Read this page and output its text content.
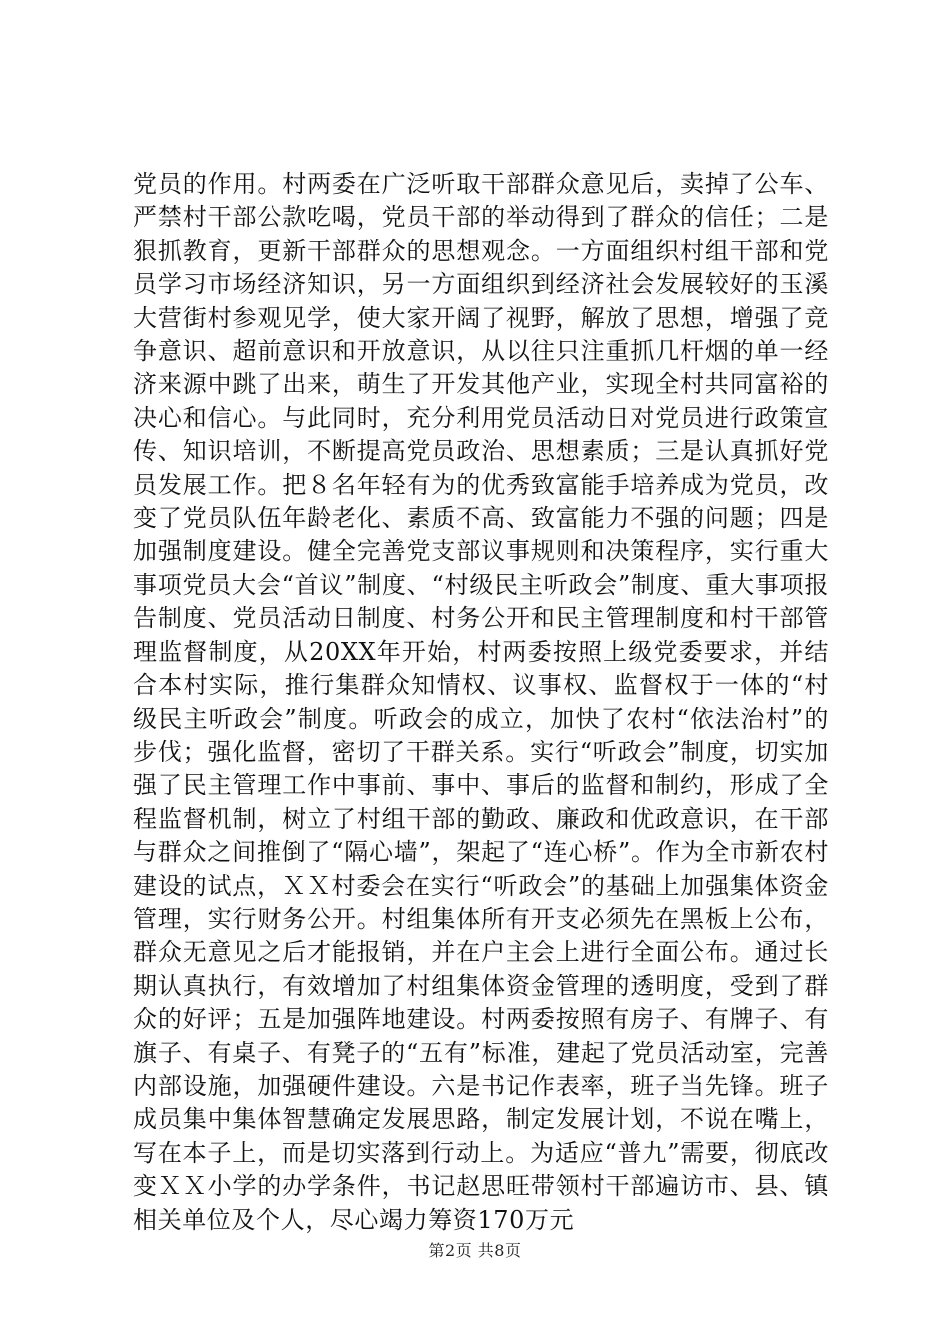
党员的作用。村两委在广泛听取干部群众意见后，卖掉了公车、严禁村干部公款吃喝，党员干部的举动得到了群众的信任；二是狠抓教育，更新干部群众的思想观念。一方面组织村组干部和党员学习市场经济知识，另一方面组织到经济社会发展较好的玉溪大营街村参观见学，使大家开阔了视野，解放了思想，增强了竞争意识、超前意识和开放意识，从以往只注重抓几杆烟的单一经济来源中跳了出来，萌生了开发其他产业，实现全村共同富裕的决心和信心。与此同时，充分利用党员活动日对党员进行政策宣传、知识培训，不断提高党员政治、思想素质；三是认真抓好党员发展工作。把８名年轻有为的优秀致富能手培养成为党员，改变了党员队伍年龄老化、素质不高、致富能力不强的问题；四是加强制度建设。健全完善党支部议事规则和决策程序，实行重大事项党员大会“首议”制度、“村级民主听政会”制度、重大事项报告制度、党员活动日制度、村务公开和民主管理制度和村干部管理监督制度，从20XX年开始，村两委按照上级党委要求，并结合本村实际，推行集群众知情权、议事权、监督权于一体的“村级民主听政会”制度。听政会的成立，加快了农村“依法治村”的步伐；强化监督，密切了干群关系。实行“听政会”制度，切实加强了民主管理工作中事前、事中、事后的监督和制约，形成了全程监督机制，树立了村组干部的勤政、廉政和优政意识，在干部与群众之间推倒了“隔心墙”，架起了“连心桥”。作为全市新农村建设的试点，ＸＸ村委会在实行“听政会”的基础上加强集体资金管理，实行财务公开。村组集体所有开支必须先在黑板上公布，群众无意见之后才能报销，并在户主会上进行全面公布。通过长期认真执行，有效增加了村组集体资金管理的透明度，受到了群众的好评；五是加强阵地建设。村两委按照有房子、有牌子、有旗子、有桌子、有凳子的“五有”标准，建起了党员活动室，完善内部设施，加强硬件建设。六是书记作表率，班子当先锋。班子成员集中集体智慧确定发展思路，制定发展计划，不说在嘴上，写在本子上，而是切实落到行动上。为适应“普九”需要，彻底改变ＸＸ小学的办学条件，书记赵思旺带领村干部遍访市、县、镇相关单位及个人，尽心竭力筹资170万元

第2页 共8页
